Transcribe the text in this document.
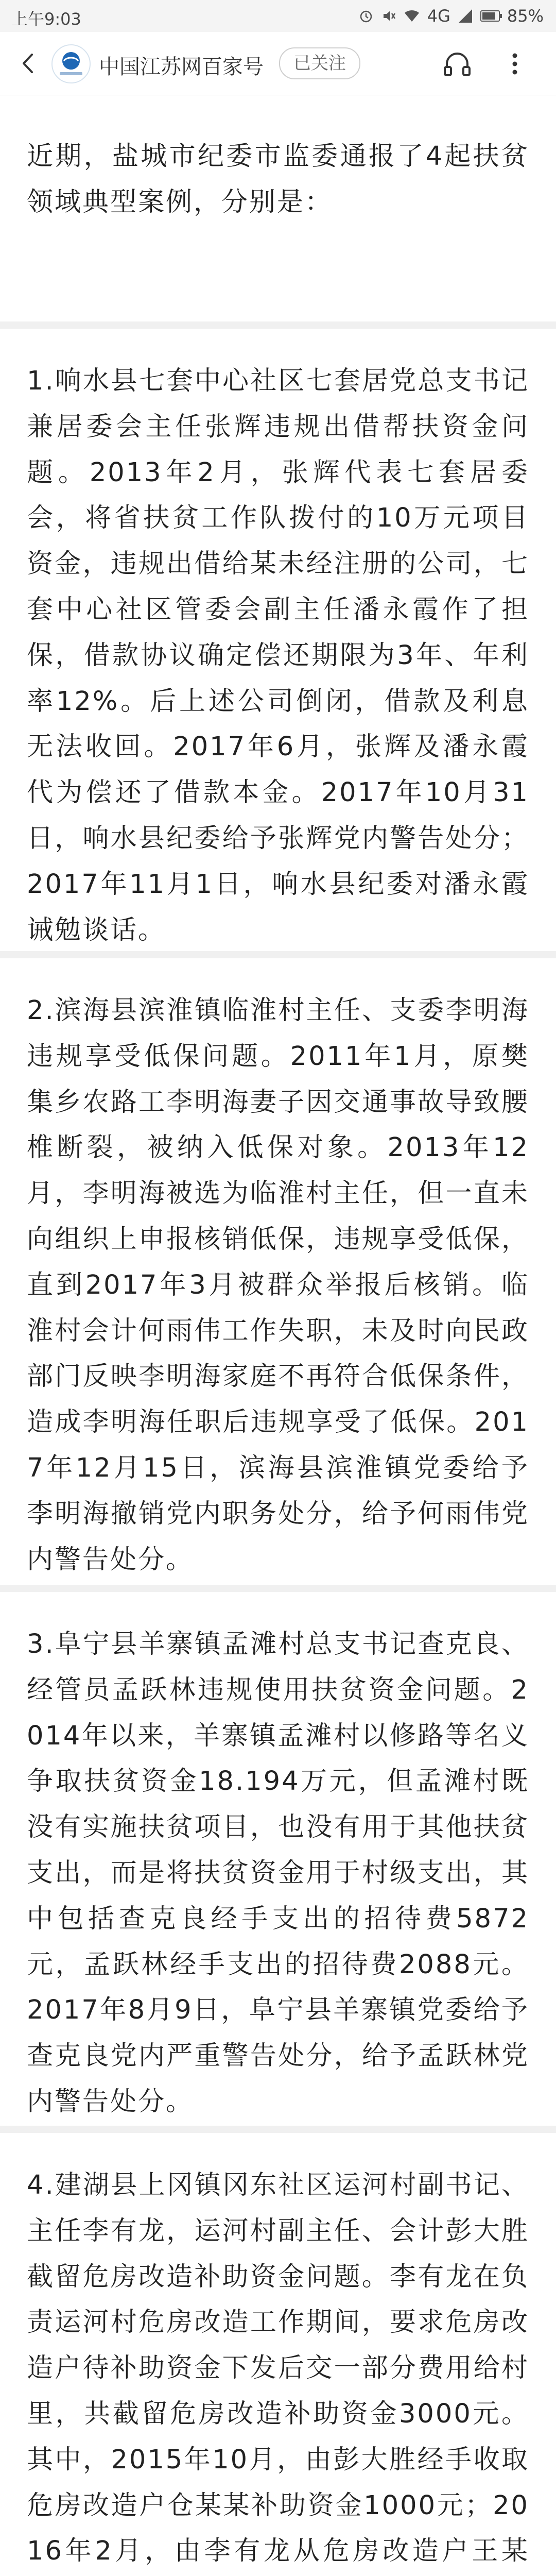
上午9:03	4G	85%
中国江苏网百家号	已关注

近期，盐城市纪委市监委通报了4起扶贫领域典型案例，分别是：

1.响水县七套中心社区七套居党总支书记兼居委会主任张辉违规出借帮扶资金问题。2013年2月，张辉代表七套居委会，将省扶贫工作队拨付的10万元项目资金，违规出借给某未经注册的公司，七套中心社区管委会副主任潘永霞作了担保，借款协议确定偿还期限为3年、年利率12%。后上述公司倒闭，借款及利息无法收回。2017年6月，张辉及潘永霞代为偿还了借款本金。2017年10月31日，响水县纪委给予张辉党内警告处分；2017年11月1日，响水县纪委对潘永霞诫勉谈话。

2.滨海县滨淮镇临淮村主任、支委李明海违规享受低保问题。2011年1月，原樊集乡农路工李明海妻子因交通事故导致腰椎断裂，被纳入低保对象。2013年12月，李明海被选为临淮村主任，但一直未向组织上申报核销低保，违规享受低保，直到2017年3月被群众举报后核销。临淮村会计何雨伟工作失职，未及时向民政部门反映李明海家庭不再符合低保条件，造成李明海任职后违规享受了低保。2017年12月15日，滨海县滨淮镇党委给予李明海撤销党内职务处分，给予何雨伟党内警告处分。

3.阜宁县羊寨镇孟滩村总支书记查克良、经管员孟跃林违规使用扶贫资金问题。2014年以来，羊寨镇孟滩村以修路等名义争取扶贫资金18.194万元，但孟滩村既没有实施扶贫项目，也没有用于其他扶贫支出，而是将扶贫资金用于村级支出，其中包括查克良经手支出的招待费5872元，孟跃林经手支出的招待费2088元。2017年8月9日，阜宁县羊寨镇党委给予查克良党内严重警告处分，给予孟跃林党内警告处分。

4.建湖县上冈镇冈东社区运河村副书记、主任李有龙，运河村副主任、会计彭大胜截留危房改造补助资金问题。李有龙在负责运河村危房改造工作期间，要求危房改造户待补助资金下发后交一部分费用给村里，共截留危房改造补助资金3000元。其中，2015年10月，由彭大胜经手收取危房改造户仓某某补助资金1000元；2016年2月，由李有龙从危房改造户王某
